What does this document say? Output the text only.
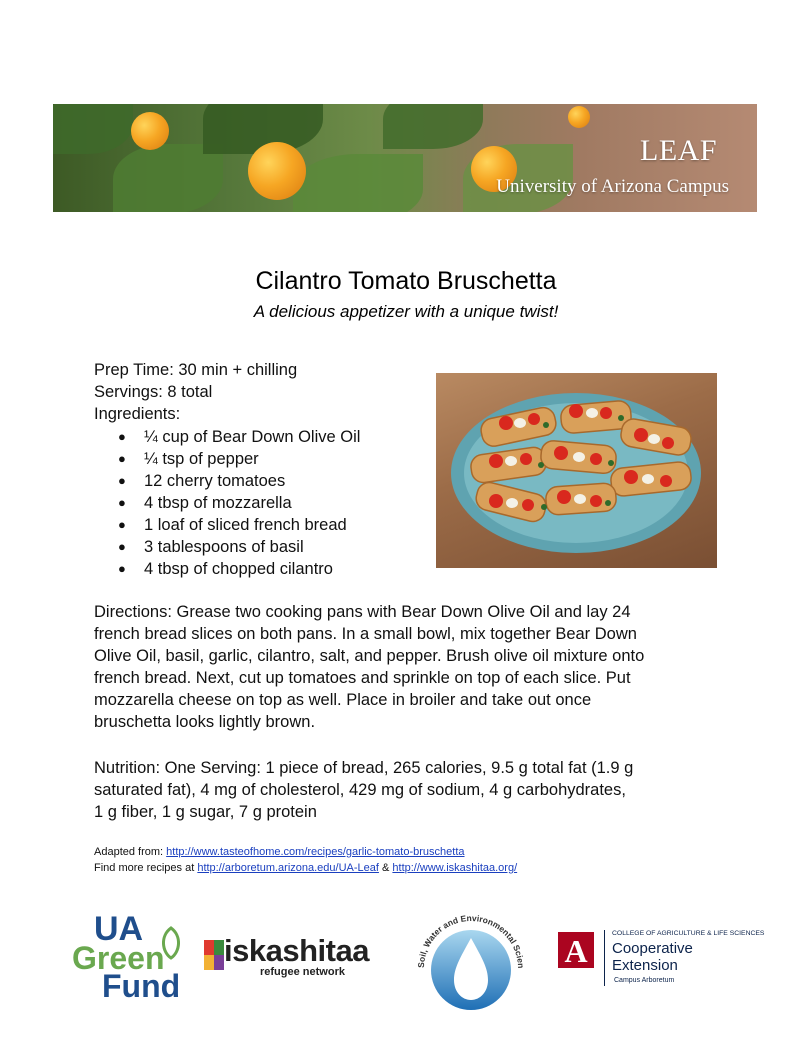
LEAF
University of Arizona Campus
Cilantro Tomato Bruschetta
A delicious appetizer with a unique twist!
Prep Time: 30 min + chilling
Servings: 8 total
Ingredients:
● ¼ cup of Bear Down Olive Oil
● ¼ tsp of pepper
● 12 cherry tomatoes
● 4 tbsp of mozzarella
● 1 loaf of sliced french bread
● 3 tablespoons of basil
● 4 tbsp of chopped cilantro
Directions: Grease two cooking pans with Bear Down Olive Oil and lay 24
french bread slices on both pans. In a small bowl, mix together Bear Down
Olive Oil, basil, garlic, cilantro, salt, and pepper. Brush olive oil mixture onto
french bread. Next, cut up tomatoes and sprinkle on top of each slice. Put
mozzarella cheese on top as well. Place in broiler and take out once
bruschetta looks lightly brown.
Nutrition: One Serving: 1 piece of bread, 265 calories, 9.5 g total fat (1.9 g
saturated fat), 4 mg of cholesterol, 429 mg of sodium, 4 g carbohydrates,
1 g fiber, 1 g sugar, 7 g protein
Adapted from: http://www.tasteofhome.com/recipes/garlic-tomato-bruschetta
Find more recipes at http://arboretum.arizona.edu/UA-Leaf & http://www.iskashitaa.org/
UA
Green
Fund
iskashitaa
refugee network
Soil, Water and Environmental Scien A	COLLEGE OF AGRICULTURE & LIFE SCIENCES
Cooperative
Extension
Campus Arboretum
